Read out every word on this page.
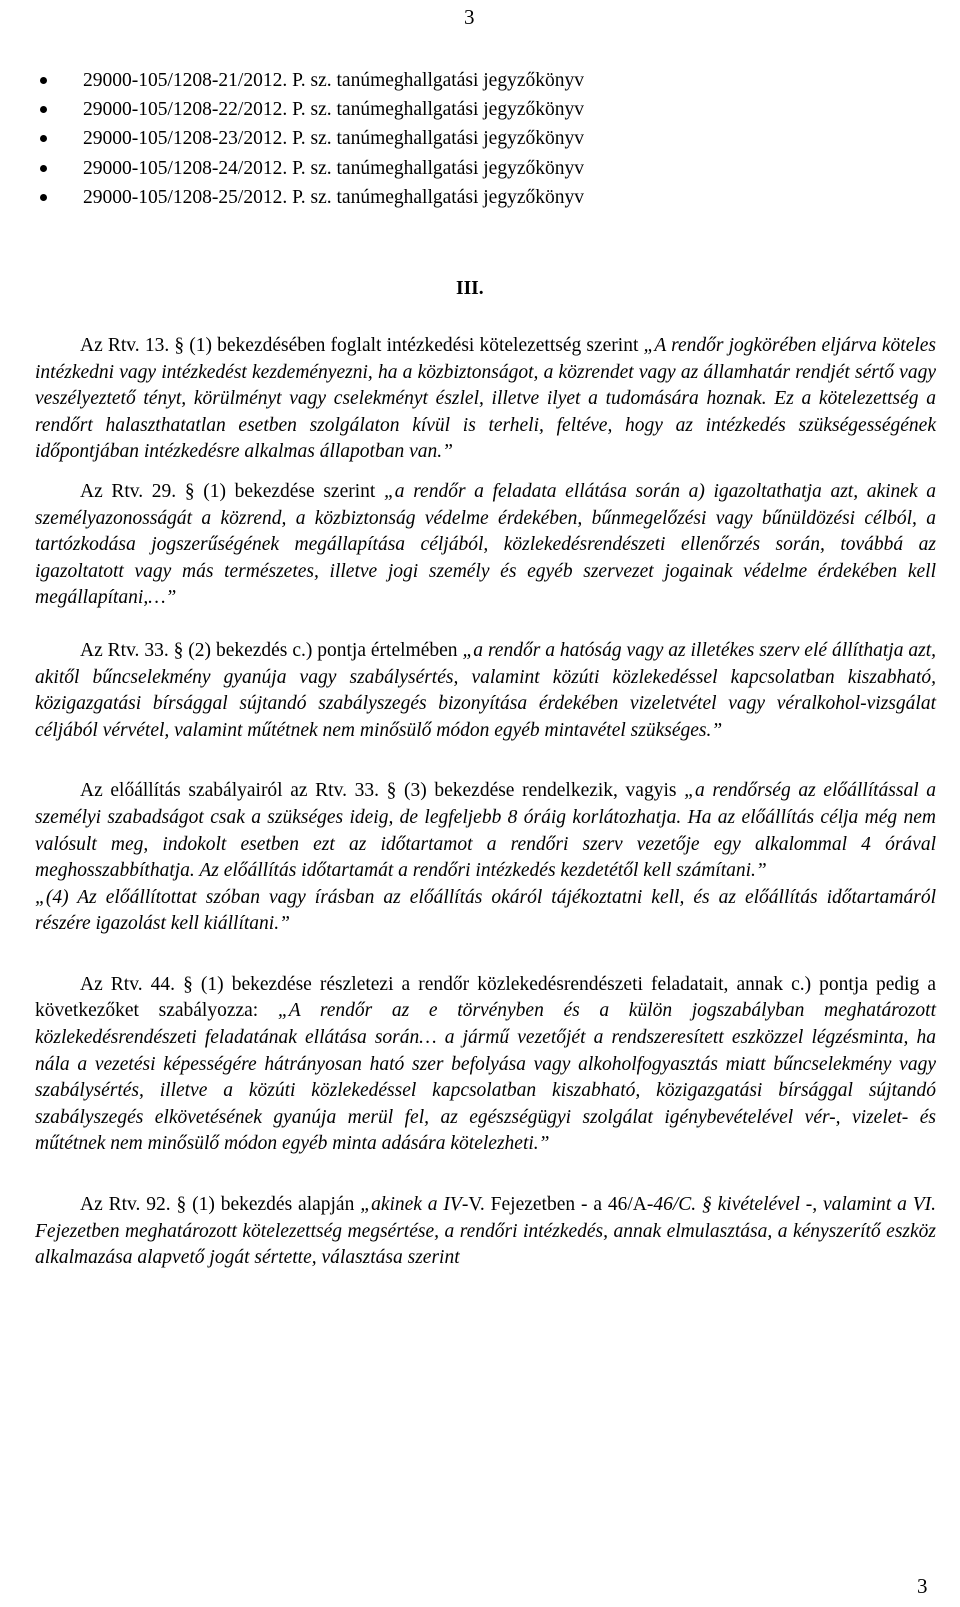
3
29000-105/1208-21/2012. P. sz. tanúmeghallgatási jegyzőkönyv
29000-105/1208-22/2012. P. sz. tanúmeghallgatási jegyzőkönyv
29000-105/1208-23/2012. P. sz. tanúmeghallgatási jegyzőkönyv
29000-105/1208-24/2012. P. sz. tanúmeghallgatási jegyzőkönyv
29000-105/1208-25/2012. P. sz. tanúmeghallgatási jegyzőkönyv
III.

Az Rtv. 13. § (1) bekezdésében foglalt intézkedési kötelezettség szerint „A rendőr jogkörében eljárva köteles intézkedni vagy intézkedést kezdeményezni, ha a közbiztonságot, a közrendet vagy az államhatár rendjét sértő vagy veszélyeztető tényt, körülményt vagy cselekményt észlel, illetve ilyet a tudomására hoznak. Ez a kötelezettség a rendőrt halaszthatatlan esetben szolgálaton kívül is terheli, feltéve, hogy az intézkedés szükségességének időpontjában intézkedésre alkalmas állapotban van.”

Az Rtv. 29. § (1) bekezdése szerint „a rendőr a feladata ellátása során a) igazoltathatja azt, akinek a személyazonosságát a közrend, a közbiztonság védelme érdekében, bűnmegelőzési vagy bűnüldözési célból, a tartózkodása jogszerűségének megállapítása céljából, közlekedésrendészeti ellenőrzés során, továbbá az igazoltatott vagy más természetes, illetve jogi személy és egyéb szervezet jogainak védelme érdekében kell megállapítani,…”

Az Rtv. 33. § (2) bekezdés c.) pontja értelmében „a rendőr a hatóság vagy az illetékes szerv elé állíthatja azt, akitől bűncselekmény gyanúja vagy szabálysértés, valamint közúti közlekedéssel kapcsolatban kiszabható, közigazgatási bírsággal sújtandó szabályszegés bizonyítása érdekében vizeletvétel vagy véralkohol-vizsgálat céljából vérvétel, valamint műtétnek nem minősülő módon egyéb mintavétel szükséges.”

Az előállítás szabályairól az Rtv. 33. § (3) bekezdése rendelkezik, vagyis „a rendőrség az előállítással a személyi szabadságot csak a szükséges ideig, de legfeljebb 8 óráig korlátozhatja. Ha az előállítás célja még nem valósult meg, indokolt esetben ezt az időtartamot a rendőri szerv vezetője egy alkalommal 4 órával meghosszabbíthatja. Az előállítás időtartamát a rendőri intézkedés kezdetétől kell számítani.”

„(4) Az előállítottat szóban vagy írásban az előállítás okáról tájékoztatni kell, és az előállítás időtartamáról részére igazolást kell kiállítani.”

Az Rtv. 44. § (1) bekezdése részletezi a rendőr közlekedésrendészeti feladatait, annak c.) pontja pedig a következőket szabályozza: „A rendőr az e törvényben és a külön jogszabályban meghatározott közlekedésrendészeti feladatának ellátása során… a jármű vezetőjét a rendszeresített eszközzel légzésminta, ha nála a vezetési képességére hátrányosan ható szer befolyása vagy alkoholfogyasztás miatt bűncselekmény vagy szabálysértés, illetve a közúti közlekedéssel kapcsolatban kiszabható, közigazgatási bírsággal sújtandó szabályszegés elkövetésének gyanúja merül fel, az egészségügyi szolgálat igénybevételével vér-, vizelet- és műtétnek nem minősülő módon egyéb minta adására kötelezheti.”

Az Rtv. 92. § (1) bekezdés alapján „akinek a IV-V. Fejezetben - a 46/A-46/C. § kivételével -, valamint a VI. Fejezetben meghatározott kötelezettség megsértése, a rendőri intézkedés, annak elmulasztása, a kényszerítő eszköz alkalmazása alapvető jogát sértette, választása szerint

3
